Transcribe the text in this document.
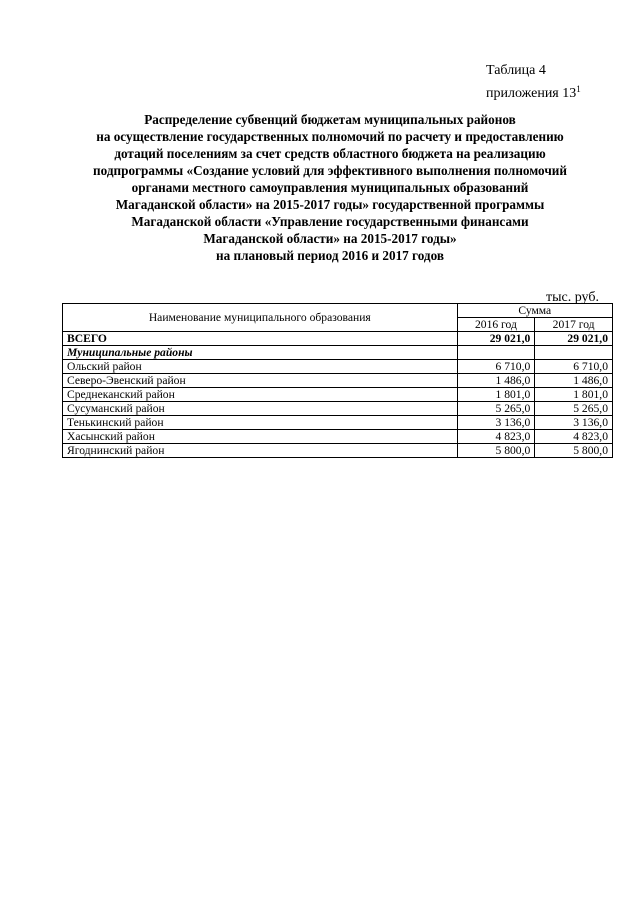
Таблица 4
приложения $13^1$
Распределение субвенций бюджетам муниципальных районов
на осуществление государственных полномочий по расчету и предоставлению
дотаций поселениям за счет средств областного бюджета на реализацию
подпрограммы «Создание условий для эффективного выполнения полномочий
органами местного самоуправления муниципальных образований
Магаданской области» на 2015-2017 годы» государственной программы
Магаданской области «Управление государственными финансами
Магаданской области» на 2015-2017 годы»
на плановый период 2016 и 2017 годов
тыс. руб.
Наименование муниципального образования	Сумма	
	2016 год	2017 год
ВСЕГО	29 021,0	29 021,0
Муниципальные районы		
Ольский район	6 710,0	6 710,0
Северо-Эвенский район	1 486,0	1 486,0
Среднеканский район	1 801,0	1 801,0
Сусуманский район	5 265,0	5 265,0
Тенькинский район	3 136,0	3 136,0
Хасынский район	4 823,0	4 823,0
Ягоднинский район	5 800,0	5 800,0
